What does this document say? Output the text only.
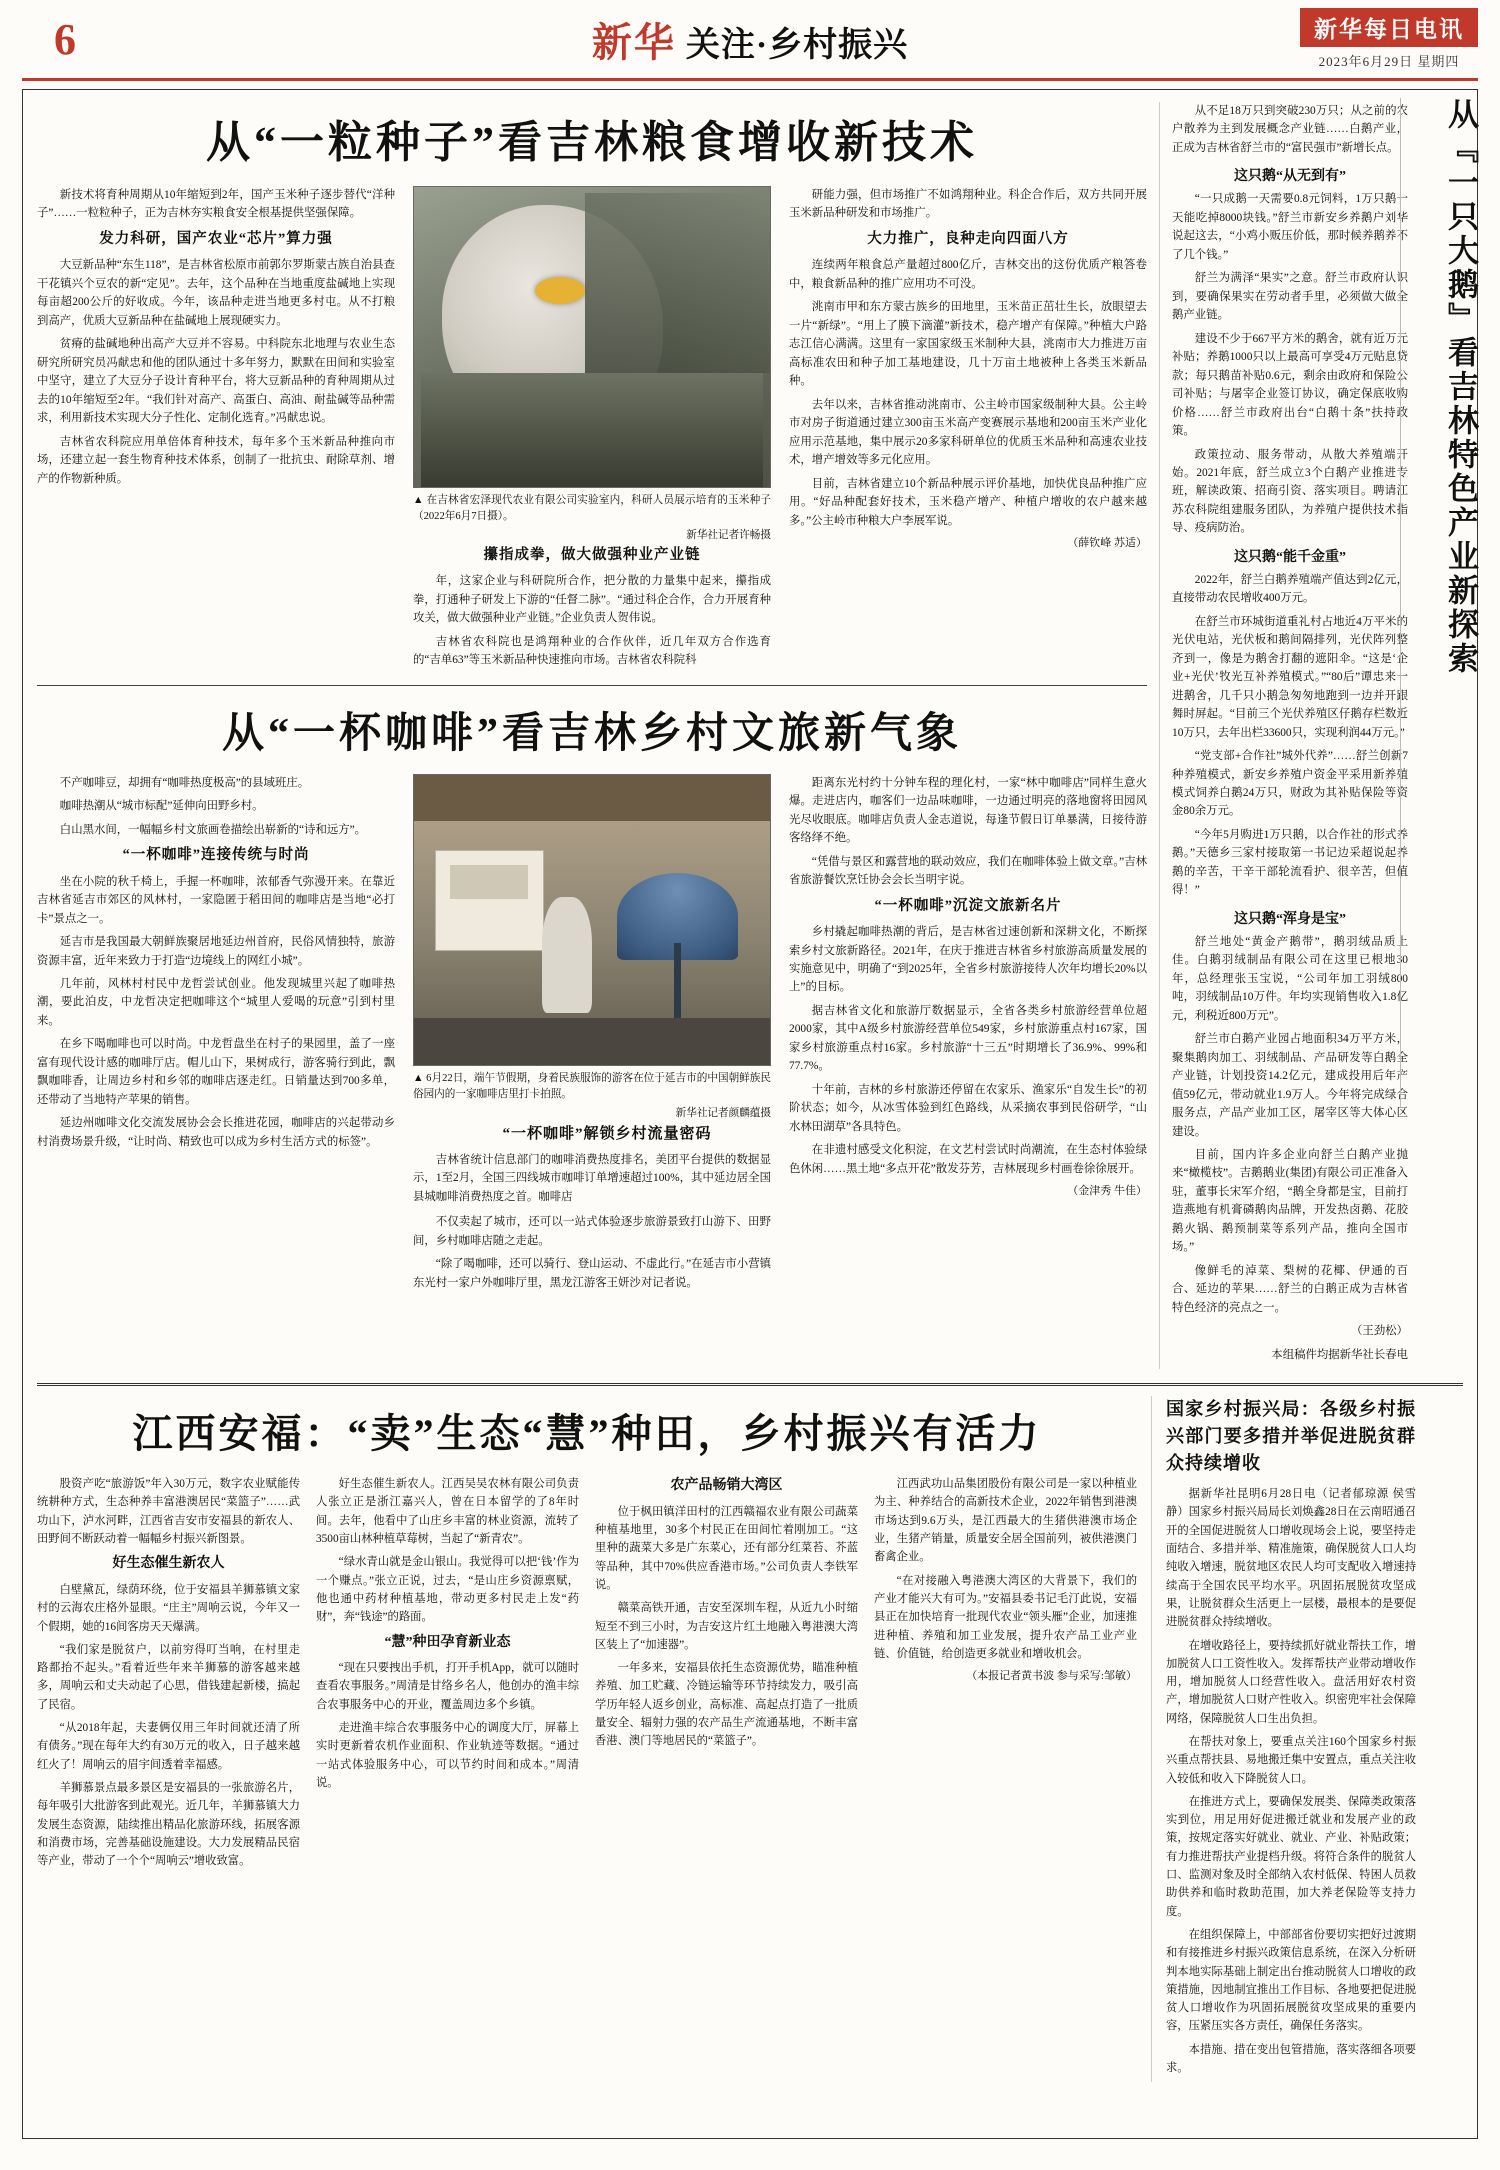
6	新华 关注·乡村振兴	新华每日电讯
2023年6月29日 星期四
从“一粒种子”看吉林粮食增收新技术

新技术将育种周期从10年缩短到2年，国产玉米种子逐步替代“洋种子”……一粒粒种子，正为吉林夯实粮食安全根基提供坚强保障。

发力科研，国产农业“芯片”算力强

大豆新品种“东生118”，是吉林省松原市前郭尔罗斯蒙古族自治县查干花镇兴个豆农的新“定见”。去年，这个品种在当地重度盐碱地上实现每亩超200公斤的好收成。今年，该品种走进当地更多村屯。从不打粮到高产，优质大豆新品种在盐碱地上展现硬实力。

贫瘠的盐碱地种出高产大豆并不容易。中科院东北地理与农业生态研究所研究员冯献忠和他的团队通过十多年努力，默默在田间和实验室中坚守，建立了大豆分子设计育种平台，将大豆新品种的育种周期从过去的10年缩短至2年。“我们针对高产、高蛋白、高油、耐盐碱等品种需求，利用新技术实现大分子性化、定制化选育。”冯献忠说。

吉林省农科院应用单倍体育种技术，每年多个玉米新品种推向市场，还建立起一套生物育种技术体系，创制了一批抗虫、耐除草剂、增产的作物新种质。

▲ 在吉林省宏泽现代农业有限公司实验室内，科研人员展示培育的玉米种子（2022年6月7日摄）。
新华社记者许畅摄

攥指成拳，做大做强种业产业链

年，这家企业与科研院所合作，把分散的力量集中起来，攥指成拳，打通种子研发上下游的“任督二脉”。“通过科企合作，合力开展育种攻关，做大做强种业产业链。”企业负责人贺伟说。

吉林省农科院也是鸿翔种业的合作伙伴，近几年双方合作选育的“吉单63”等玉米新品种快速推向市场。吉林省农科院科

研能力强，但市场推广不如鸿翔种业。科企合作后，双方共同开展玉米新品种研发和市场推广。

大力推广，良种走向四面八方

连续两年粮食总产量超过800亿斤，吉林交出的这份优质产粮答卷中，粮食新品种的推广应用功不可没。

洮南市甲和东方蒙古族乡的田地里，玉米苗正茁壮生长，放眼望去一片“新绿”。“用上了膜下滴灌”新技术，稳产增产有保障。”种植大户路志江信心满满。这里有一家国家级玉米制种大县，洮南市大力推进万亩高标准农田和种子加工基地建设，几十万亩土地被种上各类玉米新品种。

去年以来，吉林省推动洮南市、公主岭市国家级制种大县。公主岭市对房子街道通过建立300亩玉米高产变赛展示基地和200亩玉米产业化应用示范基地，集中展示20多家科研单位的优质玉米品种和高速农业技术，增产增效等多元化应用。

目前，吉林省建立10个新品种展示评价基地，加快优良品种推广应用。“好品种配套好技术，玉米稳产增产、种植户增收的农户越来越多。”公主岭市种粮大户李展军说。

（薛钦峰 苏适）

从“一杯咖啡”看吉林乡村文旅新气象

不产咖啡豆，却拥有“咖啡热度极高”的县域班庄。

咖啡热潮从“城市标配”延伸向田野乡村。

白山黑水间，一幅幅乡村文旅画卷描绘出崭新的“诗和远方”。

“一杯咖啡”连接传统与时尚

坐在小院的秋千椅上，手握一杯咖啡，浓郁香气弥漫开来。在靠近吉林省延吉市郊区的风林村，一家隐匿于稻田间的咖啡店是当地“必打卡”景点之一。

延吉市是我国最大朝鲜族聚居地延边州首府，民俗风情独特，旅游资源丰富，近年来致力于打造“边境线上的网红小城”。

几年前，风林村村民中龙哲尝试创业。他发现城里兴起了咖啡热潮，要此泊皮，中龙哲决定把咖啡这个“城里人爱喝的玩意”引到村里来。

在乡下喝咖啡也可以时尚。中龙哲盘坐在村子的果园里，盖了一座富有现代设计感的咖啡厅店。帽儿山下，果树成行，游客骑行到此，飘飘咖啡香，让周边乡村和乡邻的咖啡店逐走红。日销量达到700多单，还带动了当地特产苹果的销售。

延边州咖啡文化交流发展协会会长推进花园，咖啡店的兴起带动乡村消费场景升级，“让时尚、精致也可以成为乡村生活方式的标签”。

▲ 6月22日，端午节假期，身着民族服饰的游客在位于延吉市的中国朝鲜族民俗园内的一家咖啡店里打卡拍照。
新华社记者颜麟蕴摄

“一杯咖啡”解锁乡村流量密码

吉林省统计信息部门的咖啡消费热度排名，美团平台提供的数据显示，1至2月，全国三四线城市咖啡订单增速超过100%，其中延边居全国县城咖啡消费热度之首。咖啡店

距离东光村约十分钟车程的理化村，一家“林中咖啡店”同样生意火爆。走进店内，咖客们一边品味咖啡，一边通过明亮的落地窗将田园风光尽收眼底。咖啡店负责人金志道说，每逢节假日订单暴满，日接待游客络绎不绝。

“凭借与景区和露营地的联动效应，我们在咖啡体验上做文章。”吉林省旅游餐饮烹饪协会会长当明宇说。

“一杯咖啡”沉淀文旅新名片

乡村撬起咖啡热潮的背后，是吉林省过速创新和深耕文化，不断探索乡村文旅新路径。2021年，在庆于推进吉林省乡村旅游高质量发展的实施意见中，明确了“到2025年，全省乡村旅游接待人次年均增长20%以上”的目标。

据吉林省文化和旅游厅数据显示，全省各类乡村旅游经营单位超2000家，其中A级乡村旅游经营单位549家，乡村旅游重点村167家，国家乡村旅游重点村16家。乡村旅游“十三五”时期增长了36.9%、99%和77.7%。

十年前，吉林的乡村旅游还停留在农家乐、渔家乐“自发生长”的初阶状态；如今，从冰雪体验到红色路线，从采摘农事到民俗研学，“山水林田湖草”各具特色。

在非遗村感受文化积淀，在文艺村尝试时尚潮流，在生态村体验绿色休闲……黑土地“多点开花”散发芬芳，吉林展现乡村画卷徐徐展开。

（金津秀 牛佳）

不仅卖起了城市，还可以一站式体验逐步旅游景致打山游下、田野间，乡村咖啡店随之走起。

“除了喝咖啡，还可以骑行、登山运动、不虚此行。”在延吉市小营镇东光村一家户外咖啡厅里，黑龙江游客王妍沙对记者说。

从不足18万只到突破230万只；从之前的农户散养为主到发展概念产业链……白鹅产业，正成为吉林省舒兰市的“富民强市”新增长点。

这只鹅“从无到有”

“一只成鹅一天需要0.8元饲料，1万只鹅一天能吃掉8000块钱。”舒兰市新安乡养鹅户刘华说起这去，“小鸡小贩压价低，那时候养鹅养不了几个钱。”

舒兰为满泽“果实”之意。舒兰市政府认识到，要确保果实在劳动者手里，必须做大做全鹅产业链。

建设不少于667平方米的鹅舍，就有近万元补贴；养鹅1000只以上最高可享受4万元贴息贷款；每只鹅苗补贴0.6元，剩余由政府和保险公司补贴；与屠宰企业签订协议，确定保底收购价格……舒兰市政府出台“白鹅十条”扶持政策。

政策拉动、服务带动，从散大养殖端开始。2021年底，舒兰成立3个白鹅产业推进专班，解读政策、招商引资、落实项目。聘请江苏农科院组建服务团队，为养殖户提供技术指导、疫病防治。

这只鹅“能千金重”

2022年，舒兰白鹅养殖端产值达到2亿元，直接带动农民增收400万元。

在舒兰市环城街道重礼村占地近4万平米的光伏电站，光伏板和鹅间隔排列，光伏阵列整齐到一，像是为鹅舍打翻的遮阳伞。“这是‘企业+光伏’牧光互补养殖模式。”“80后”谭忠来一进鹅舍，几千只小鹅急匆匆地跑到一边并开跟舞时屏起。“目前三个光伏养殖区仔鹅存栏数近10万只，去年出栏33600只，实现利润44万元。”

“党支部+合作社”城外代养”……舒兰创新7种养殖模式，新安乡养殖户资金平采用新养殖模式饲养白鹅24万只，财政为其补贴保险等资金80余万元。

“今年5月购进1万只鹅，以合作社的形式养鹅。”天德乡三家村接取第一书记边采超说起养鹅的辛苦，干辛干部轮流看护、很辛苦，但值得！”

这只鹅“浑身是宝”

舒兰地处“黄金产鹅带”，鹅羽绒品质上佳。白鹅羽绒制品有限公司在这里已根地30年，总经理张玉宝说，“公司年加工羽绒800吨，羽绒制品10万件。年均实现销售收入1.8亿元，利税近800万元”。

舒兰市白鹅产业园占地面积34万平方米，聚集鹅肉加工、羽绒制品、产品研发等白鹅全产业链，计划投资14.2亿元，建成投用后年产值59亿元，带动就业1.9万人。今年将完成绿合服务点，产品产业加工区，屠宰区等大体心区建设。

目前，国内许多企业向舒兰白鹅产业抛来“橄榄枝”。吉鹅鹅业(集团)有限公司正准备入驻，董事长宋军介绍，“鹅全身都是宝，目前打造燕地有机膏磷鹅肉品牌，开发热卤鹅、花胶鹅火锅、鹅预制菜等系列产品，推向全国市场。”

像鲜毛的淖菜、梨树的花椰、伊通的百合、延边的苹果……舒兰的白鹅正成为吉林省特色经济的亮点之一。

（王劲松）

本组稿件均据新华社长春电

从『一只大鹅』看吉林特色产业新探索
江西安福：“卖”生态“慧”种田，乡村振兴有活力

股资产吃“旅游饭”年入30万元，数字农业赋能传统耕种方式，生态种养丰富港澳居民“菜篮子”……武功山下，泸水河畔，江西省吉安市安福县的新农人、田野间不断跃动着一幅幅乡村振兴新图景。

好生态催生新农人

白壁黛瓦，绿荫环绕，位于安福县羊狮慕镇文家村的云海农庄格外显眼。“庄主”周响云说，今年又一个假期，她的16间客房天天爆满。

“我们家是脱贫户，以前穷得叮当响，在村里走路都抬不起头。”看着近些年来羊狮慕的游客越来越多，周响云和丈夫动起了心思，借钱建起新楼，搞起了民宿。

“从2018年起，夫妻俩仅用三年时间就还清了所有债务。”现在每年大约有30万元的收入，日子越来越红火了！周响云的眉宇间透着幸福感。

羊狮慕景点最多景区是安福县的一张旅游名片，每年吸引大批游客到此观光。近几年，羊狮慕镇大力发展生态资源，陆续推出精品化旅游环线，拓展客源和消费市场，完善基础设施建设。大力发展精品民宿等产业，带动了一个个“周响云”增收致富。

好生态催生新农人。江西吴吴农林有限公司负责人张立正是浙江嘉兴人，曾在日本留学的了8年时间。去年，他看中了山庄乡丰富的林业资源，流转了3500亩山林种植草莓树，当起了“新青农”。

“绿水青山就是金山银山。我觉得可以把‘钱’作为一个赚点。”张立正说，过去，“是山庄乡资源禀赋，他也通中药材种植基地，带动更多村民走上发“药财”，奔“钱途”的路面。

“慧”种田孕育新业态

“现在只要拽出手机，打开手机App，就可以随时查看农事服务。”周清是甘络乡名人，他创办的渔丰综合农事服务中心的开业，覆盖周边多个乡镇。

走进渔丰综合农事服务中心的调度大厅，屏幕上实时更新着农机作业面积、作业轨迹等数据。“通过一站式体验服务中心，可以节约时间和成本。”周清说。

农产品畅销大湾区

位于枫田镇洋田村的江西赣福农业有限公司蔬菜种植基地里，30多个村民正在田间忙着刚加工。“这里种的蔬菜大多是广东菜心，还有部分红菜苔、芥蓝等品种，其中70%供应香港市场。”公司负责人李铁军说。

赣菜高铁开通，吉安至深圳车程，从近九小时缩短至不到三小时，为吉安这片红土地融入粤港澳大湾区装上了“加速器”。

一年多来，安福县依托生态资源优势，瞄准种植养殖、加工贮藏、冷链运输等环节持续发力，吸引高学历年轻人返乡创业，高标准、高起点打造了一批质量安全、辐射力强的农产品生产流通基地，不断丰富香港、澳门等地居民的“菜篮子”。

江西武功山品集团股份有限公司是一家以种植业为主、种养结合的高新技术企业，2022年销售到港澳市场达到9.6万头，是江西最大的生猪供港澳市场企业，生猪产销量，质量安全居全国前列，被供港澳门畜禽企业。

“在对接融入粤港澳大湾区的大背景下，我们的产业才能兴大有可为。”安福县委书记毛汀此说，安福县正在加快培育一批现代农业“领头雁”企业，加速推进种植、养殖和加工业发展，提升农产品工业产业链、价值链，给创造更多就业和增收机会。

（本报记者黄书波 参与采写:邹敏）

国家乡村振兴局：各级乡村振兴部门要多措并举促进脱贫群众持续增收

据新华社昆明6月28日电（记者郁琼源 侯雪静）国家乡村振兴局局长刘焕鑫28日在云南昭通召开的全国促进脱贫人口增收现场会上说，要坚持走面结合、多措并举、精准施策，确保脱贫人口人均纯收入增速，脱贫地区农民人均可支配收入增速持续高于全国农民平均水平。巩固拓展脱贫攻坚成果，让脱贫群众生活更上一层楼，最根本的是要促进脱贫群众持续增收。

在增收路径上，要持续抓好就业帮扶工作，增加脱贫人口工资性收入。发挥帮扶产业带动增收作用，增加脱贫人口经营性收入。盘活用好农村资产，增加脱贫人口财产性收入。织密兜牢社会保障网络，保障脱贫人口生出负担。

在帮扶对象上，要重点关注160个国家乡村振兴重点帮扶县、易地搬迁集中安置点，重点关注收入较低和收入下降脱贫人口。

在推进方式上，要确保发展类、保障类政策落实到位，用足用好促进搬迁就业和发展产业的政策，按规定落实好就业、就业、产业、补贴政策；有力推进帮扶产业提档升级。将符合条件的脱贫人口、监测对象及时全部纳入农村低保、特困人员救助供养和临时救助范围，加大养老保险等支持力度。

在组织保障上，中部部省份要切实把好过渡期和有接推进乡村振兴政策信息系统，在深入分析研判本地实际基础上制定出台推动脱贫人口增收的政策措施，因地制宜推出工作目标、各地要把促进脱贫人口增收作为巩固拓展脱贫攻坚成果的重要内容，压紧压实各方责任，确保任务落实。

本措施、措在变出包管措施，落实落细各项要求。
